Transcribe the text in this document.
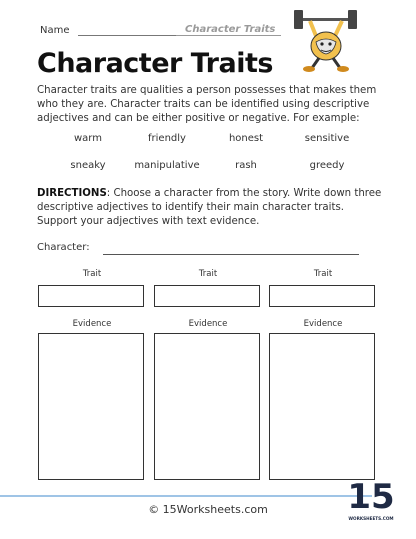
Name	Character Traits
Character Traits
Character traits are qualities a person possesses that makes them who they are. Character traits can be identified using descriptive adjectives and can be either positive or negative. For example:
warm	friendly	honest	sensitive
sneaky	manipulative	rash	greedy
DIRECTIONS: Choose a character from the story. Write down three descriptive adjectives to identify their main character traits. Support your adjectives with text evidence.
Character:
Trait
Evidence
Trait
Evidence
Trait
Evidence
© 15Worksheets.com	15
WORKSHEETS.COM
